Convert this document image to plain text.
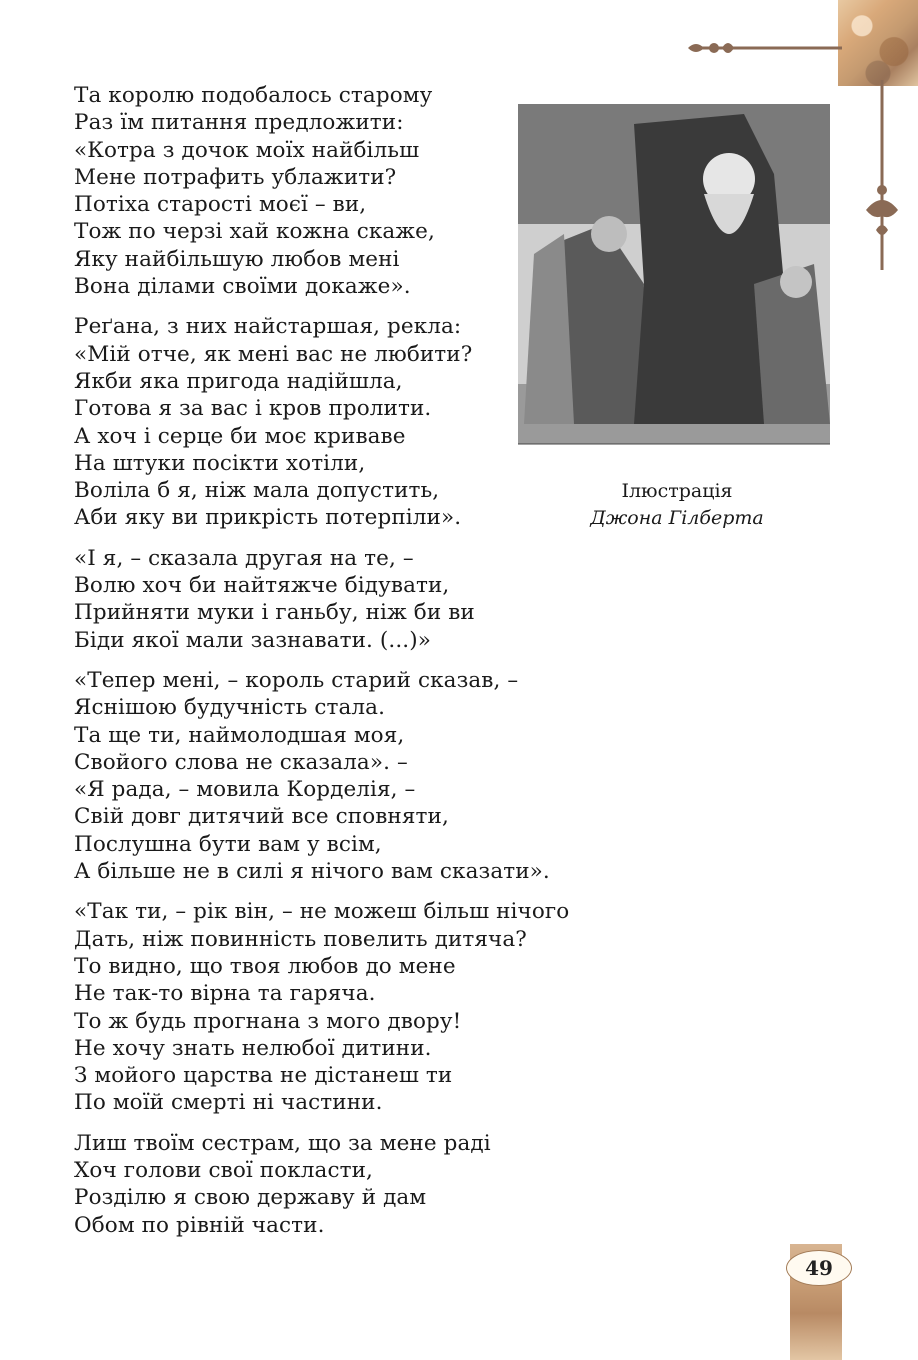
Та королю подобалось старому
Раз їм питання предложити:
«Котра з дочок моїх найбільш
Мене потрафить ублажити?
Потіха старості моєї – ви,
Тож по черзі хай кожна скаже,
Яку найбільшую любов мені
Вона ділами своїми докаже».
Реґана, з них найстаршая, рекла:
«Мій отче, як мені вас не любити?
Якби яка пригода надійшла,
Готова я за вас і кров пролити.
А хоч і серце би моє криваве
На штуки посікти хотіли,
Воліла б я, ніж мала допустить,
Аби яку ви прикрість потерпіли».
«І я, – сказала другая на те, –
Волю хоч би найтяжче бідувати,
Прийняти муки і ганьбу, ніж би ви
Біди якої мали зазнавати. (...)»
«Тепер мені, – король старий сказав, –
Яснішою будучність стала.
Та ще ти, наймолодшая моя,
Свойого слова не сказала». –
«Я рада, – мовила Корделія, –
Свій довг дитячий все сповняти,
Послушна бути вам у всім,
А більше не в силі я нічого вам сказати».
«Так ти, – рік він, – не можеш більш нічого
Дать, ніж повинність повелить дитяча?
То видно, що твоя любов до мене
Не так-то вірна та гаряча.
То ж будь прогнана з мого двору!
Не хочу знать нелюбої дитини.
З мойого царства не дістанеш ти
По моїй смерті ні частини.
Лиш твоїм сестрам, що за мене раді
Хоч голови свої покласти,
Розділю я свою державу й дам
Обом по рівній части.
Ілюстрація
Джона Гілберта
49
